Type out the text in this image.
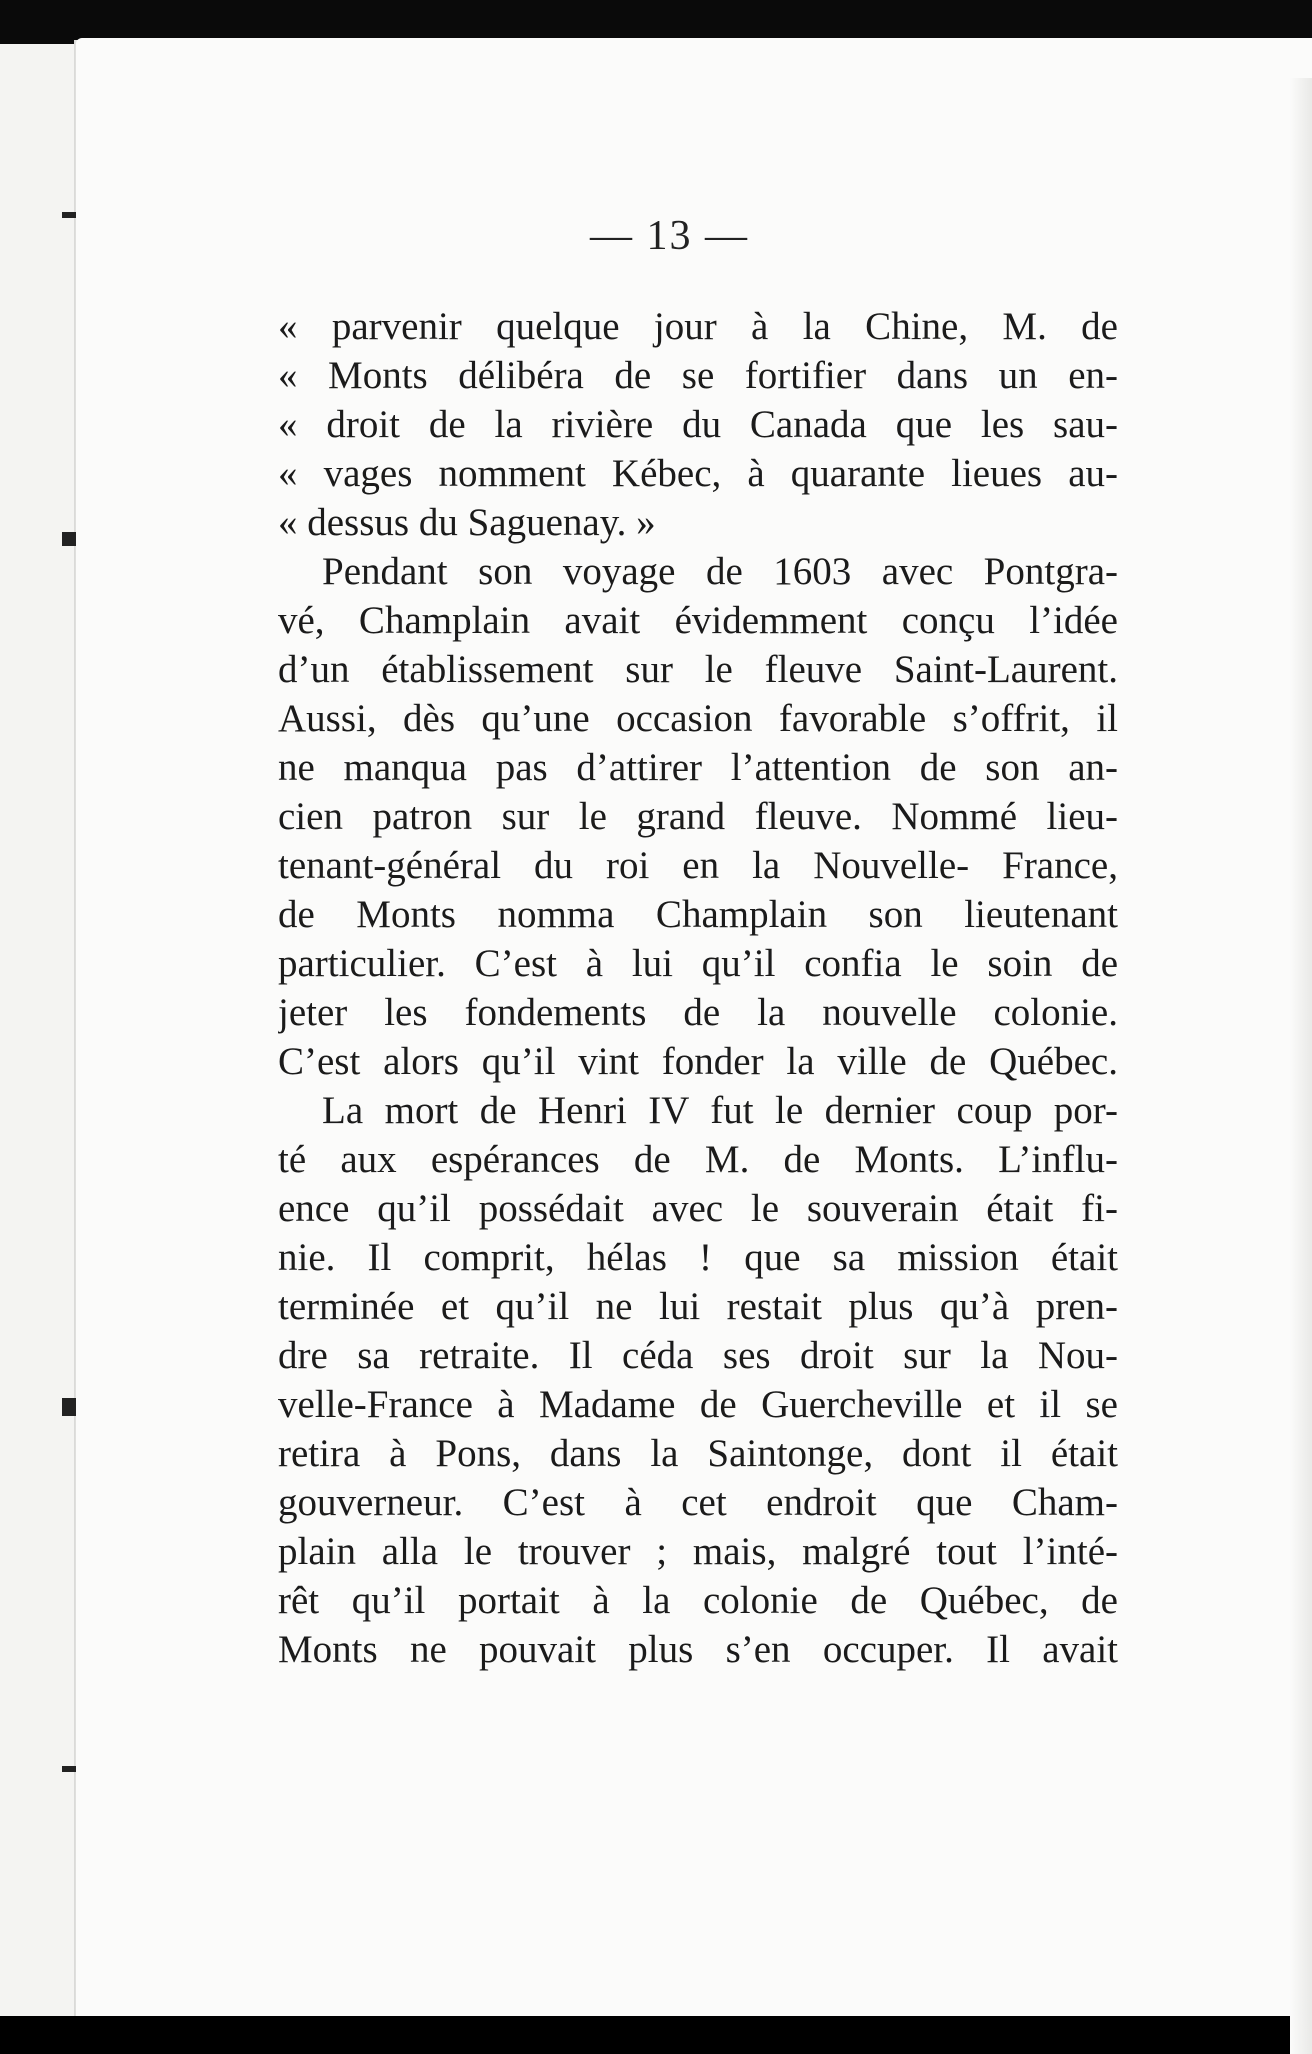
— 13 —
« parvenir quelque jour à la Chine, M. de
« Monts délibéra de se fortifier dans un en-
« droit de la rivière du Canada que les sau-
« vages nomment Kébec, à quarante lieues au-
« dessus du Saguenay. »
Pendant son voyage de 1603 avec Pontgra-
vé, Champlain avait évidemment conçu l’idée
d’un établissement sur le fleuve Saint-Laurent.
Aussi, dès qu’une occasion favorable s’offrit, il
ne manqua pas d’attirer l’attention de son an-
cien patron sur le grand fleuve. Nommé lieu-
tenant-général du roi en la Nouvelle- France,
de Monts nomma Champlain son lieutenant
particulier. C’est à lui qu’il confia le soin de
jeter les fondements de la nouvelle colonie.
C’est alors qu’il vint fonder la ville de Québec.
La mort de Henri IV fut le dernier coup por-
té aux espérances de M. de Monts. L’influ-
ence qu’il possédait avec le souverain était fi-
nie. Il comprit, hélas ! que sa mission était
terminée et qu’il ne lui restait plus qu’à pren-
dre sa retraite. Il céda ses droit sur la Nou-
velle-France à Madame de Guercheville et il se
retira à Pons, dans la Saintonge, dont il était
gouverneur. C’est à cet endroit que Cham-
plain alla le trouver ; mais, malgré tout l’inté-
rêt qu’il portait à la colonie de Québec, de
Monts ne pouvait plus s’en occuper. Il avait
